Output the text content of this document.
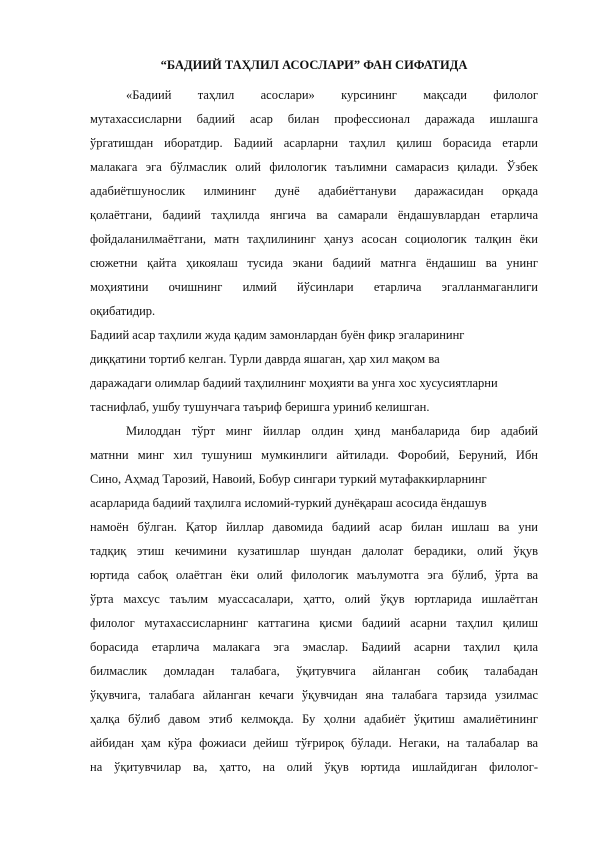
“БАДИИЙ ТАҲЛИЛ АСОСЛАРИ” ФАН СИФАТИДА
«Бадиий таҳлил асослари» курсининг мақсади филолог
мутахассисларни бадиий асар билан профессионал даражада ишлашга
ўргатишдан иборатдир. Бадиий асарларни таҳлил қилиш борасида етарли
малакага эга бўлмаслик олий филологик таълимни самарасиз қилади. Ўзбек
адабиётшунослик илмининг дунё адабиёттануви даражасидан орқада
қолаётгани, бадиий таҳлилда янгича ва самарали ёндашувлардан етарлича
фойдаланилмаётгани, матн таҳлилининг ҳануз асосан социологик талқин ёки
сюжетни қайта ҳикоялаш тусида экани бадиий матнга ёндашиш ва унинг
моҳиятини очишнинг илмий йўсинлари етарлича эгалланмаганлиги
оқибатидир.
Бадиий асар таҳлили жуда қадим замонлардан буён фикр эгаларининг
диққатини тортиб келган. Турли даврда яшаган, ҳар хил мақом ва
даражадаги олимлар бадиий таҳлилнинг моҳияти ва унга хос хусусиятларни
таснифлаб, ушбу тушунчага таъриф беришга уриниб келишган.
Милоддан тўрт минг йиллар олдин ҳинд манбаларида бир адабий
матнни минг хил тушуниш мумкинлиги айтилади. Форобий, Беруний, Ибн
Сино, Аҳмад Тарозий, Навоий, Бобур сингари туркий мутафаккирларнинг
асарларида бадиий таҳлилга исломий-туркий дунёқараш асосида ёндашув
намоён бўлган. Қатор йиллар давомида бадиий асар билан ишлаш ва уни
тадқиқ этиш кечимини кузатишлар шундан далолат берадики, олий ўқув
юртида сабоқ олаётган ёки олий филологик маълумотга эга бўлиб, ўрта ва
ўрта махсус таълим муассасалари, ҳатто, олий ўқув юртларида ишлаётган
филолог мутахассисларнинг каттагина қисми бадиий асарни таҳлил қилиш
борасида етарлича малакага эга эмаслар. Бадиий асарни таҳлил қила
билмаслик домладан талабага, ўқитувчига айланган собиқ талабадан
ўқувчига, талабага айланган кечаги ўқувчидан яна талабага тарзида узилмас
ҳалқа бўлиб давом этиб келмоқда. Бу ҳолни адабиёт ўқитиш амалиётининг
айбидан ҳам кўра фожиаси дейиш тўғрироқ бўлади. Негаки, на талабалар ва
на ўқитувчилар ва, ҳатто, на олий ўқув юртида ишлайдиган филолог-
